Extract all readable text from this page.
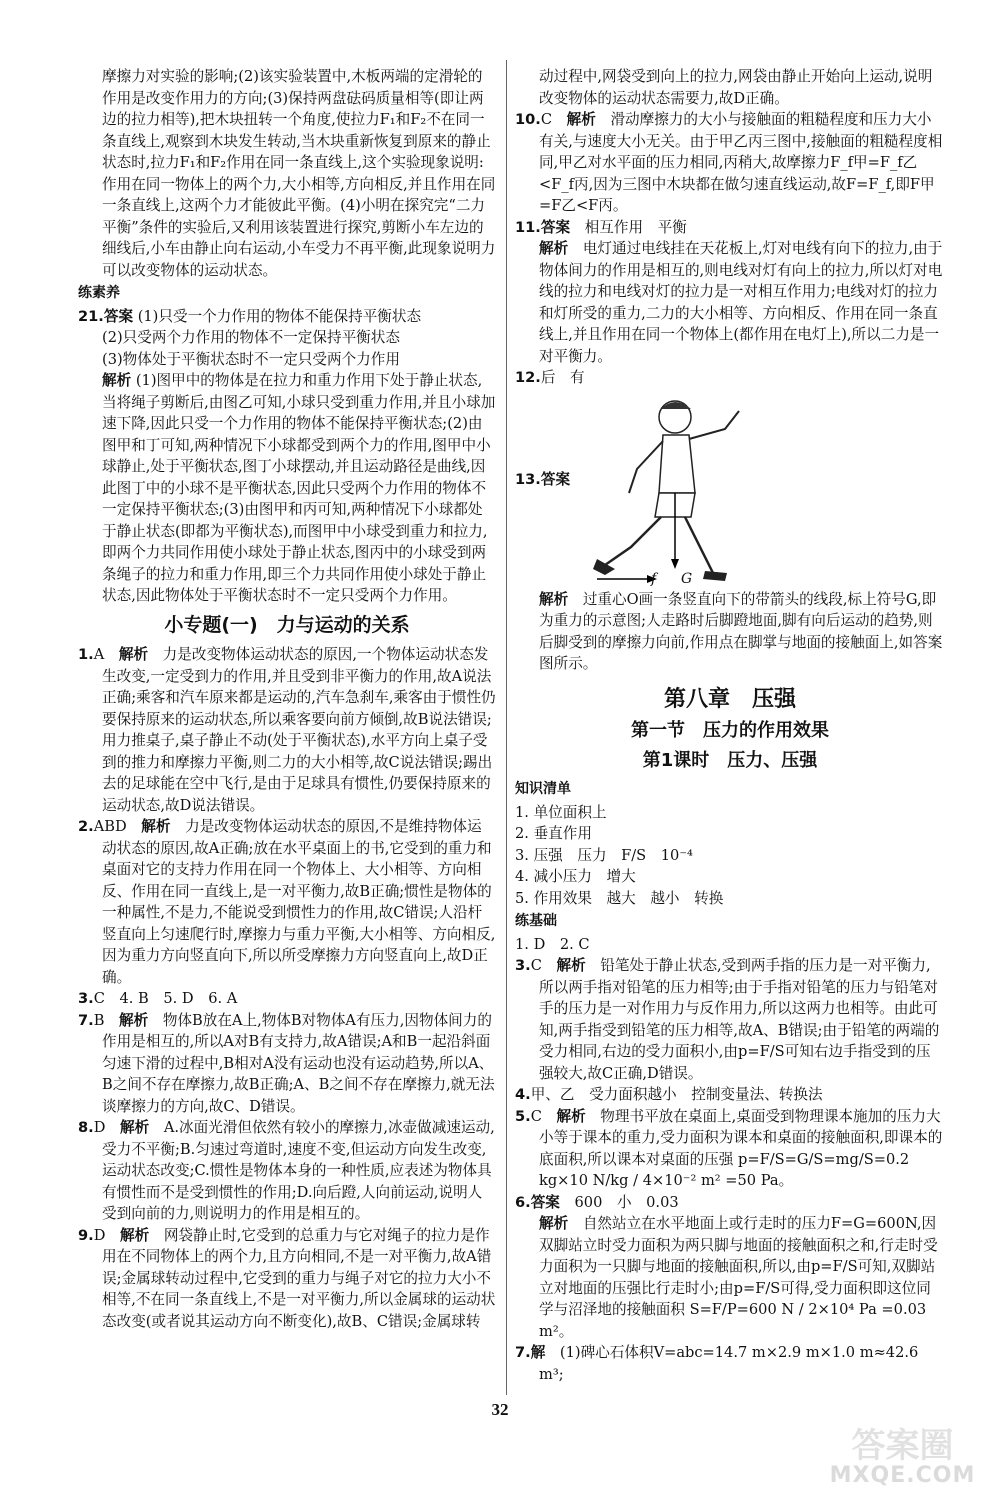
摩擦力对实验的影响;(2)该实验装置中,木板两端的定滑轮的作用是改变作用力的方向;(3)保持两盘砝码质量相等(即让两边的拉力相等),把木块扭转一个角度,使拉力F₁和F₂不在同一条直线上,观察到木块发生转动,当木块重新恢复到原来的静止状态时,拉力F₁和F₂作用在同一条直线上,这个实验现象说明:作用在同一物体上的两个力,大小相等,方向相反,并且作用在同一条直线上,这两个力才能彼此平衡。(4)小明在探究完“二力平衡”条件的实验后,又利用该装置进行探究,剪断小车左边的细线后,小车由静止向右运动,小车受力不再平衡,此现象说明力可以改变物体的运动状态。

练素养

21.答案 (1)只受一个力作用的物体不能保持平衡状态

(2)只受两个力作用的物体不一定保持平衡状态

(3)物体处于平衡状态时不一定只受两个力作用

解析 (1)图甲中的物体是在拉力和重力作用下处于静止状态,当将绳子剪断后,由图乙可知,小球只受到重力作用,并且小球加速下降,因此只受一个力作用的物体不能保持平衡状态;(2)由图甲和丁可知,两种情况下小球都受到两个力的作用,图甲中小球静止,处于平衡状态,图丁小球摆动,并且运动路径是曲线,因此图丁中的小球不是平衡状态,因此只受两个力作用的物体不一定保持平衡状态;(3)由图甲和丙可知,两种情况下小球都处于静止状态(即都为平衡状态),而图甲中小球受到重力和拉力,即两个力共同作用使小球处于静止状态,图丙中的小球受到两条绳子的拉力和重力作用,即三个力共同作用使小球处于静止状态,因此物体处于平衡状态时不一定只受两个力作用。

小专题(一)　力与运动的关系

1.A　 解析　 力是改变物体运动状态的原因,一个物体运动状态发生改变,一定受到力的作用,并且受到非平衡力的作用,故A说法正确;乘客和汽车原来都是运动的,汽车急刹车,乘客由于惯性仍要保持原来的运动状态,所以乘客要向前方倾倒,故B说法错误;用力推桌子,桌子静止不动(处于平衡状态),水平方向上桌子受到的推力和摩擦力平衡,则二力的大小相等,故C说法错误;踢出去的足球能在空中飞行,是由于足球具有惯性,仍要保持原来的运动状态,故D说法错误。

2.ABD　 解析　 力是改变物体运动状态的原因,不是维持物体运动状态的原因,故A正确;放在水平桌面上的书,它受到的重力和桌面对它的支持力作用在同一个物体上、大小相等、方向相反、作用在同一直线上,是一对平衡力,故B正确;惯性是物体的一种属性,不是力,不能说受到惯性力的作用,故C错误;人沿杆竖直向上匀速爬行时,摩擦力与重力平衡,大小相等、方向相反,因为重力方向竖直向下,所以所受摩擦力方向竖直向上,故D正确。

3.C　4. B　5. D　6. A

7.B　 解析　 物体B放在A上,物体B对物体A有压力,因物体间力的作用是相互的,所以A对B有支持力,故A错误;A和B一起沿斜面匀速下滑的过程中,B相对A没有运动也没有运动趋势,所以A、B之间不存在摩擦力,故B正确;A、B之间不存在摩擦力,就无法谈摩擦力的方向,故C、D错误。

8.D　 解析　 A.冰面光滑但依然有较小的摩擦力,冰壶做减速运动,受力不平衡;B.匀速过弯道时,速度不变,但运动方向发生改变,运动状态改变;C.惯性是物体本身的一种性质,应表述为物体具有惯性而不是受到惯性的作用;D.向后蹬,人向前运动,说明人受到向前的力,则说明力的作用是相互的。

9.D　 解析　 网袋静止时,它受到的总重力与它对绳子的拉力是作用在不同物体上的两个力,且方向相同,不是一对平衡力,故A错误;金属球转动过程中,它受到的重力与绳子对它的拉力大小不相等,不在同一条直线上,不是一对平衡力,所以金属球的运动状态改变(或者说其运动方向不断变化),故B、C错误;金属球转

动过程中,网袋受到向上的拉力,网袋由静止开始向上运动,说明改变物体的运动状态需要力,故D正确。

10.C　 解析　 滑动摩擦力的大小与接触面的粗糙程度和压力大小有关,与速度大小无关。由于甲乙丙三图中,接触面的粗糙程度相同,甲乙对水平面的压力相同,丙稍大,故摩擦力F_f甲=F_f乙<F_f丙,因为三图中木块都在做匀速直线运动,故F=F_f,即F甲=F乙<F丙。

11.答案　 相互作用　平衡

解析　 电灯通过电线挂在天花板上,灯对电线有向下的拉力,由于物体间力的作用是相互的,则电线对灯有向上的拉力,所以灯对电线的拉力和电线对灯的拉力是一对相互作用力;电线对灯的拉力和灯所受的重力,二力的大小相等、方向相反、作用在同一条直线上,并且作用在同一个物体上(都作用在电灯上),所以二力是一对平衡力。

12.后　有

13.答案
f G

解析　 过重心O画一条竖直向下的带箭头的线段,标上符号G,即为重力的示意图;人走路时后脚蹬地面,脚有向后运动的趋势,则后脚受到的摩擦力向前,作用点在脚掌与地面的接触面上,如答案图所示。

第八章　压强
第一节　压力的作用效果
第1课时　压力、压强
知识清单

1. 单位面积上

2. 垂直作用

3. 压强　压力　F/S　10⁻⁴

4. 减小压力　增大

5. 作用效果　越大　越小　转换

练基础

1. D　2. C

3.C　 解析　 铅笔处于静止状态,受到两手指的压力是一对平衡力,所以两手指对铅笔的压力相等;由于手指对铅笔的压力与铅笔对手的压力是一对作用力与反作用力,所以这两力也相等。由此可知,两手指受到铅笔的压力相等,故A、B错误;由于铅笔的两端的受力相同,右边的受力面积小,由p=F/S可知右边手指受到的压强较大,故C正确,D错误。

4.甲、乙　受力面积越小　控制变量法、转换法

5.C　 解析　 物理书平放在桌面上,桌面受到物理课本施加的压力大小等于课本的重力,受力面积为课本和桌面的接触面积,即课本的底面积,所以课本对桌面的压强 p=F/S=G/S=mg/S=0.2 kg×10 N/kg / 4×10⁻² m² =50 Pa。

6.答案　 600　小　0.03

解析　 自然站立在水平地面上或行走时的压力F=G=600N,因双脚站立时受力面积为两只脚与地面的接触面积之和,行走时受力面积为一只脚与地面的接触面积,所以,由p=F/S可知,双脚站立对地面的压强比行走时小;由p=F/S可得,受力面积即这位同学与沼泽地的接触面积 S=F/P=600 N / 2×10⁴ Pa =0.03 m²。

7.解　 (1)碑心石体积V=abc=14.7 m×2.9 m×1.0 m≈42.6 m³;

32
答案圈
MXQE.COM
